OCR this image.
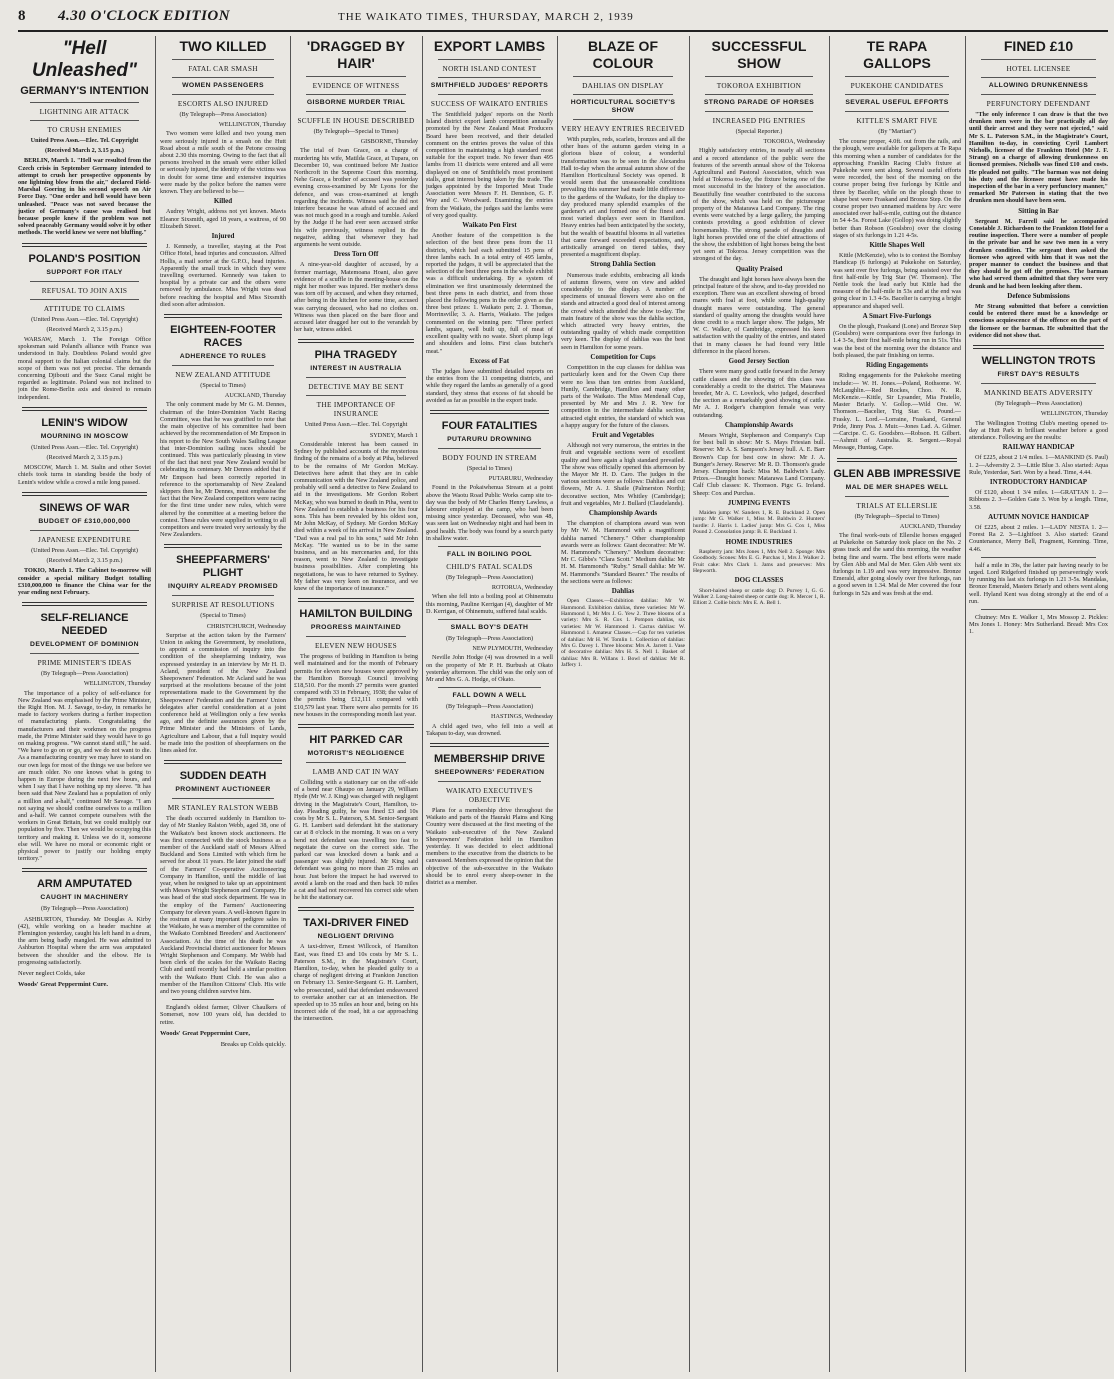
8 4.30 O'CLOCK EDITION	THE WAIKATO TIMES, THURSDAY, MARCH 2, 1939
"Hell Unleashed"
GERMANY'S INTENTION
LIGHTNING AIR ATTACK
TO CRUSH ENEMIES
United Press Assn.—Elec. Tel. Copyright
(Received March 2, 3.15 p.m.)

BERLIN, March 1. "Hell war resulted from the Czech crisis in September Germany intended to attempt to crush her prospective opponents by one lightning blow from the air," declared Field-Marshal Goering in his second speech on Air Force Day. "One order and hell would have been unleashed. "Peace was not saved because the justice of Germany's cause was realised but because people knew if the problem was not solved peaceably Germany would solve it by other methods. The world knew we were not bluffing."

POLAND'S POSITION
SUPPORT FOR ITALY
REFUSAL TO JOIN AXIS
ATTITUDE TO CLAIMS
(United Press Assn.—Elec. Tel. Copyright)
(Received March 2, 3.15 p.m.)

WARSAW, March 1. The Foreign Office spokesman said Poland's alliance with France was understood in Italy. Doubtless Poland would give moral support to the Italian colonial claims but the scope of them was not yet precise. The demands concerning Djibouti and the Suez Canal might be regarded as legitimate. Poland was not inclined to join the Rome-Berlin axis and desired to remain independent.

LENIN'S WIDOW
MOURNING IN MOSCOW
(United Press Assn.—Elec. Tel. Copyright)
(Received March 2, 3.15 p.m.)

MOSCOW, March 1. M. Stalin and other Soviet chiefs took turns in standing beside the body of Lenin's widow while a crowd a mile long passed.

SINEWS OF WAR
BUDGET OF £310,000,000
JAPANESE EXPENDITURE
(United Press Assn.—Elec. Tel. Copyright)
(Received March 2, 3.15 p.m.)

TOKIO, March 1. The Cabinet to-morrow will consider a special military Budget totalling £310,000,000 to finance the China war for the year ending next February.

SELF-RELIANCE NEEDED
DEVELOPMENT OF DOMINION
PRIME MINISTER'S IDEAS
(By Telegraph—Press Association)
WELLINGTON, Thursday

The importance of a policy of self-reliance for New Zealand was emphasised by the Prime Minister, the Right Hon. M. J. Savage, to-day, in remarks he made to factory workers during a further inspection of manufacturing plants. Congratulating the manufacturers and their workmen on the progress made, the Prime Minister said they would have to go on making progress. "We cannot stand still," he said. "We have to go on or go, and we do not want to die. As a manufacturing country we may have to stand on our own legs for most of the things we use before we are much older. No one knows what is going to happen in Europe during the next few hours, and when I say that I have nothing up my sleeve. "It has been said that New Zealand has a population of only a million and a-half," continued Mr Savage. "I am not saying we should confine ourselves to a million and a-half. We cannot compete ourselves with the workers in Great Britain, but we could multiply our population by five. Then we would be occupying this territory and making it. Unless we do it, someone else will. We have no moral or economic right or physical power to justify our holding empty territory."

ARM AMPUTATED
CAUGHT IN MACHINERY
(By Telegraph—Press Association)

ASHBURTON, Thursday. Mr Douglas A. Kirby (42), while working on a header machine at Flemington yesterday, caught his left hand in a drum, the arm being badly mangled. He was admitted to Ashburton Hospital where the arm was amputated between the shoulder and the elbow. He is progressing satisfactorily.

Never neglect Colds, take
Woods' Great Peppermint Cure.
TWO KILLED
FATAL CAR SMASH
WOMEN PASSENGERS
ESCORTS ALSO INJURED
(By Telegraph—Press Association)
WELLINGTON, Thursday

Two women were killed and two young men were seriously injured in a smash on the Hutt Road about a mile south of the Petone crossing about 2.30 this morning. Owing to the fact that all persons involved in the smash were either killed or seriously injured, the identity of the victims was in doubt for some time and extensive inquiries were made by the police before the names were known. They are believed to be—

Killed

Audrey Wright, address not yet known. Mavis Eleanor Sixsmith, aged 18 years, a waitress, of 90 Elizabeth Street.

Injured

J. Kennedy, a traveller, staying at the Post Office Hotel, head injuries and concussion. Alfred Hollis, a mail sorter at the G.P.O., head injuries. Apparently the small truck in which they were travelling overturned. Kennedy was taken to hospital by a private car and the others were removed by ambulance. Miss Wright was dead before reaching the hospital and Miss Sixsmith died soon after admission.

EIGHTEEN-FOOTER RACES
ADHERENCE TO RULES
NEW ZEALAND ATTITUDE
(Special to Times)
AUCKLAND, Thursday

The only comment made by Mr G. M. Dennes, chairman of the Inter-Dominion Yacht Racing Committee, was that he was gratified to note that the main objective of his committee had been achieved by the recommendation of Mr Empson in his report to the New South Wales Sailing League that inter-Dominion sailing races should be continued. This was particularly pleasing in view of the fact that next year New Zealand would be celebrating its centenary. Mr Dennes added that if Mr Empson had been correctly reported in reference to the sportsmanship of New Zealand skippers then he, Mr Dennes, must emphasise the fact that the New Zealand competitors were racing for the first time under new rules, which were altered by the committee at a meeting before the contest. These rules were supplied in writing to all competitors and were treated very seriously by the New Zealanders.

SHEEPFARMERS' PLIGHT
INQUIRY ALREADY PROMISED
SURPRISE AT RESOLUTIONS
(Special to Times)
CHRISTCHURCH, Wednesday

Surprise at the action taken by the Farmers' Union in asking the Government, by resolutions, to appoint a commission of inquiry into the condition of the sheepfarming industry, was expressed yesterday in an interview by Mr H. D. Acland, president of the New Zealand Sheepowners' Federation. Mr Acland said he was surprised at the resolutions because of the joint representations made to the Government by the Sheepowners' Federation and the Farmers' Union delegates after careful consideration at a joint conference held at Wellington only a few weeks ago, and the definite assurances given by the Prime Minister and the Ministers of Lands, Agriculture and Labour, that a full inquiry would be made into the position of sheepfarmers on the lines asked for.

SUDDEN DEATH
PROMINENT AUCTIONEER
MR STANLEY RALSTON WEBB

The death occurred suddenly in Hamilton to-day of Mr Stanley Ralston Webb, aged 38, one of the Waikato's best known stock auctioneers. He was first connected with the stock business as a member of the Auckland staff of Messrs Alfred Buckland and Sons Limited with which firm he served for about 11 years. He later joined the staff of the Farmers' Co-operative Auctioneering Company in Hamilton, until the middle of last year, when he resigned to take up an appointment with Messrs Wright Stephenson and Company. He was head of the stud stock department. He was in the employ of the Farmers' Auctioneering Company for eleven years. A well-known figure in the rostrum at many important pedigree sales in the Waikato, he was a member of the committee of the Waikato Combined Breeders' and Auctioneers' Association. At the time of his death he was Auckland Provincial district auctioneer for Messrs Wright Stephenson and Company. Mr Webb had been clerk of the scales for the Waikato Racing Club and until recently had held a similar position with the Waikato Hunt Club. He was also a member of the Hamilton Citizens' Club. His wife and two young children survive him.

England's oldest farmer, Oliver Chaulkers of Somerset, now 100 years old, has decided to retire.

Woods' Great Peppermint Cure,
Breaks up Colds quickly.
'DRAGGED BY HAIR'
EVIDENCE OF WITNESS
GISBORNE MURDER TRIAL
SCUFFLE IN HOUSE DESCRIBED
(By Telegraph—Special to Times)
GISBORNE, Thursday

The trial of Ivan Grace, on a charge of murdering his wife, Matilda Grace, at Tupara, on December 10, was continued before Mr Justice Northcroft in the Supreme Court this morning. Nehe Grace, a brother of accused was yesterday evening cross-examined by Mr Lyons for the defence, and was cross-examined at length regarding the incidents. Witness said he did not interfere because he was afraid of accused and was not much good in a rough and tumble. Asked by the Judge if he had ever seen accused strike his wife previously, witness replied in the negative, adding that whenever they had arguments he went outside.

Dress Torn Off

A nine-year-old daughter of accused, by a former marriage, Matemoana Hoani, also gave evidence of a scuffle in the meeting-house on the night her mother was injured. Her mother's dress was torn off by accused, and when they returned, after being in the kitchen for some time, accused was carrying deceased, who had no clothes on. Witness was then placed on the bare floor and accused later dragged her out to the verandah by her hair, witness added.

PIHA TRAGEDY
INTEREST IN AUSTRALIA
DETECTIVE MAY BE SENT
THE IMPORTANCE OF INSURANCE
United Press Assn.—Elec. Tel. Copyright
SYDNEY, March 1

Considerable interest has been caused in Sydney by published accounts of the mysterious finding of the remains of a body at Piha, believed to be the remains of Mr Gordon McKay. Detectives here admit that they are in cable communication with the New Zealand police, and probably will send a detective to New Zealand to aid in the investigations. Mr Gordon Robert McKay, who was burned to death in Piha, went to New Zealand to establish a business for his four sons. This has been revealed by his oldest son, Mr John McKay, of Sydney. Mr Gordon McKay died within a week of his arrival in New Zealand. "Dad was a real pal to his sons," said Mr John McKay. "He wanted us to be in the same business, and as his mercenaries and, for this reason, went to New Zealand to investigate business possibilities. After completing his negotiations, he was to have returned to Sydney. My father was very keen on insurance, and we knew of the importance of insurance."

HAMILTON BUILDING
PROGRESS MAINTAINED
ELEVEN NEW HOUSES

The progress of building in Hamilton is being well maintained and for the month of February permits for eleven new houses were approved by the Hamilton Borough Council involving £18,510. For the month 27 permits were granted compared with 33 in February, 1938; the value of the permits being £12,111 compared with £10,579 last year. There were also permits for 16 new houses in the corresponding month last year.

HIT PARKED CAR
MOTORIST'S NEGLIGENCE
LAMB AND CAT IN WAY

Colliding with a stationary car on the off-side of a bend near Ohaupo on January 29, William Hyde (Mr W. J. King) was charged with negligent driving in the Magistrate's Court, Hamilton, to-day. Pleading guilty, he was fined £3 and 10s costs by Mr S. L. Paterson, S.M. Senior-Sergeant G. H. Lambert said defendant hit the stationary car at 8 o'clock in the morning. It was on a very bend not defendant was travelling too fast to negotiate the curve on the correct side. The parked car was knocked down a bank and a passenger was slightly injured. Mr King said defendant was going no more than 25 miles an hour. Just before the impact he had swerved to avoid a lamb on the road and then back 10 miles a cat and had not recovered his correct side when he hit the stationary car.

TAXI-DRIVER FINED
NEGLIGENT DRIVING

A taxi-driver, Ernest Willcock, of Hamilton East, was fined £3 and 10s costs by Mr S. L. Paterson S.M., in the Magistrate's Court, Hamilton, to-day, when he pleaded guilty to a charge of negligent driving at Frankton Junction on February 13. Senior-Sergeant G. H. Lambert, who prosecuted, said that defendant endeavoured to overtake another car at an intersection. He speeded up to 35 miles an hour and, being on his incorrect side of the road, hit a car approaching the intersection.

EXPORT LAMBS
NORTH ISLAND CONTEST
SMITHFIELD JUDGES' REPORTS
SUCCESS OF WAIKATO ENTRIES

The Smithfield judges' reports on the North Island district export lamb competition annually promoted by the New Zealand Meat Producers Board have been received, and their detailed comment on the entries proves the value of this competition in maintaining a high standard most suitable for the export trade. No fewer than 495 lambs from 11 districts were entered and all were displayed on one of Smithfield's most prominent stalls, great interest being taken by the trade. The judges appointed by the Imported Meat Trade Association were Messrs F. H. Dennison, G. F. Way and C. Woodward. Examining the entries from the Waikato, the judges said the lambs were of very good quality.

Waikato Pen First

Another feature of the competition is the selection of the best three pens from the 11 districts, which had each submitted 15 pens of three lambs each. In a total entry of 495 lambs, reported the judges, it will be appreciated that the selection of the best three pens in the whole exhibit was a difficult undertaking. By a system of elimination we first unanimously determined the best three pens in each district, and from those placed the following pens in the order given as the three best prizes: 1. Waikato pen; 2. J. Thomas, Morrinsville; 3. A. Harris, Waikato. The judges commented on the winning pen: "Three perfect lambs, square, well built up, full of meat of excellent quality with no waste. Short plump legs and shoulders and loins. First class butcher's meat."

Excess of Fat

The judges have submitted detailed reports on the entries from the 11 competing districts, and while they regard the lambs as generally of a good standard, they stress that excess of fat should be avoided as far as possible in the export trade.

FOUR FATALITIES
PUTARURU DROWNING
BODY FOUND IN STREAM
(Special to Times)
PUTARURU, Wednesday

Found in the Pokaiwhenua Stream at a point above the Waotu Road Public Works camp site to-day was the body of Mr Charles Henry Lawless, a labourer employed at the camp, who had been missing since yesterday. Deceased, who was 48, was seen last on Wednesday night and had been in good health. The body was found by a search party in shallow water.

FALL IN BOILING POOL
CHILD'S FATAL SCALDS
(By Telegraph—Press Association)
ROTORUA, Wednesday

When she fell into a boiling pool at Ohinemutu this morning, Pauline Kerrigan (4), daughter of Mr D. Kerrigan, of Ohinemutu, suffered fatal scalds.

SMALL BOY'S DEATH
(By Telegraph—Press Association)
NEW PLYMOUTH, Wednesday

Neville John Hodge (4) was drowned in a well on the property of Mr P. H. Burbush at Okato yesterday afternoon. The child was the only son of Mr and Mrs G. A. Hodge, of Okato.

FALL DOWN A WELL
(By Telegraph—Press Association)
HASTINGS, Wednesday

A child aged two, who fell into a well at Takapau to-day, was drowned.

MEMBERSHIP DRIVE
SHEEPOWNERS' FEDERATION
WAIKATO EXECUTIVE'S OBJECTIVE

Plans for a membership drive throughout the Waikato and parts of the Hauraki Plains and King Country were discussed at the first meeting of the Waikato sub-executive of the New Zealand Sheepowners' Federation held in Hamilton yesterday. It was decided to elect additional members to the executive from the districts to be canvassed. Members expressed the opinion that the objective of the sub-executive in the Waikato should be to enrol every sheep-owner in the district as a member.

BLAZE OF COLOUR
DAHLIAS ON DISPLAY
HORTICULTURAL SOCIETY'S SHOW
VERY HEAVY ENTRIES RECEIVED

With purples, reds, scarlets, bronzes and all the other hues of the autumn garden vieing in a glorious blaze of colour, a wonderful transformation was to be seen in the Alexandra Hall to-day when the annual autumn show of the Hamilton Horticultural Society was opened. It would seem that the unseasonable conditions prevailing this summer had made little difference to the gardens of the Waikato, for the display to-day produced many splendid examples of the gardener's art and formed one of the finest and most varied displays ever seen in Hamilton. Heavy entries had been anticipated by the society, but the wealth of beautiful blooms in all varieties that came forward exceeded expectations, and, artistically arranged on tiered tables, they presented a magnificent display.

Strong Dahlia Section

Numerous trade exhibits, embracing all kinds of autumn flowers, were on view and added considerably to the display. A number of specimens of unusual flowers were also on the stands and attracted a good deal of interest among the crowd which attended the show to-day. The main feature of the show was the dahlia section, which attracted very heavy entries, the outstanding quality of which made competition very keen. The display of dahlias was the best seen in Hamilton for some years.

Competition for Cups

Competition in the cup classes for dahlias was particularly keen and for the Owen Cup there were no less than ten entries from Auckland, Huntly, Cambridge, Hamilton and many other parts of the Waikato. The Miss Mendenall Cup, presented by Mr and Mrs J. R. Yew for competition in the intermediate dahlia section, attracted eight entries, the standard of which was a happy augury for the future of the classes.

Fruit and Vegetables

Although not very numerous, the entries in the fruit and vegetable sections were of excellent quality and here again a high standard prevailed. The show was officially opened this afternoon by the Mayor Mr H. D. Caro. The judges in the various sections were as follows: Dahlias and cut flowers, Mr A. J. Shaile (Palmerston North); decorative section, Mrs Whitley (Cambridge); fruit and vegetables, Mr J. Bullard (Claudelands).

Championship Awards

The champion of champions award was won by Mr W. M. Hammond with a magnificent dahlia named "Chenery." Other championship awards were as follows: Giant decorative: Mr W. M. Hammond's "Chenery." Medium decorative: Mr C. Gibbs's "Clara Scott." Medium dahlia: Mr H. M. Hammond's "Ruby." Small dahlia: Mr W. M. Hammond's "Standard Bearer." The results of the sections were as follows:

Dahlias

Open Classes.—Exhibition dahlias: Mr W. Hammond. Exhibition dahlias, three varieties: Mr W. Hammond 1, Mr Mrs J. G. Yew 2. Three blooms of a variety: Mrs S. R. Cox 1. Pompon dahlias, six varieties: Mr W. Hammond 1. Cactus dahlias: W. Hammond 1. Amateur Classes.—Cup for ten varieties of dahlias: Mr H. W. Tomlin 1. Collection of dahlias: Mrs G. Davey 1. Three blooms: Mrs A. Jarrett 1. Vase of decorative dahlias: Mrs H. S. Nell 1. Basket of dahlias: Mrs R. Willans 1. Bowl of dahlias: Mr R. Jaffery 1.

SUCCESSFUL SHOW
TOKOROA EXHIBITION
STRONG PARADE OF HORSES
INCREASED PIG ENTRIES
(Special Reporter.)
TOKOROA, Wednesday

Highly satisfactory entries, in nearly all sections and a record attendance of the public were the features of the seventh annual show of the Tokoroa Agricultural and Pastoral Association, which was held at Tokoroa to-day, the fixture being one of the most successful in the history of the association. Beautifully fine weather contributed to the success of the show, which was held on the picturesque property of the Matarawa Land Company. The ring events were watched by a large gallery, the jumping contests providing a good exhibition of clever horsemanship. The strong parade of draughts and light horses provided one of the chief attractions of the show, the exhibition of light horses being the best yet seen at Tokoroa. Jersey competition was the strongest of the day.

Quality Praised

The draught and light horses have always been the principal feature of the show, and to-day provided no exception. There was an excellent showing of brood mares with foal at foot, while some high-quality draught mares were outstanding. The general standard of quality among the draughts would have done credit to a much larger show. The judges, Mr W. C. Walker, of Cambridge, expressed his keen satisfaction with the quality of the entries, and stated that in many classes he had found very little difference in the placed horses.

Good Jersey Section

There were many good cattle forward in the Jersey cattle classes and the showing of this class was considerably a credit to the district. The Matarawa breeder, Mr A. C. Lovelock, who judged, described the section as a remarkably good showing of cattle. Mr A. J. Rodger's champion female was very outstanding.

Championship Awards

Messrs Wright, Stephenson and Company's Cup for best bull in show: Mr S. Mays Friesian bull. Reserve: Mr A. S. Sampson's Jersey bull. A. E. Barr Brown's Cup for best cow in show: Mr J. A. Bunger's Jersey. Reserve: Mr R. D. Thomson's grade Jersey. Champion hack: Miss M. Baldwin's Lady. Prizes.—Draught horses: Matarawa Land Company. Calf Club classes: K. Thomson. Pigs: G. Ireland. Sheep: Cox and Purchas.

JUMPING EVENTS

Maiden jump: W. Sanders 1, R. E. Buckland 2. Open jump: Mr G. Walker 1, Miss M. Baldwin 2. Hunters' hurdle: J. Harris 1. Ladies' jump: Mrs G. Cox 1, Miss Pound 2. Consolation jump: B. E. Buckland 1.

HOME INDUSTRIES

Raspberry jam: Mrs Jones 1, Mrs Nell 2. Sponge: Mrs Goodbody. Scones: Mrs E. G. Purchas 1, Mrs J. Walker 2. Fruit cake: Mrs Clark 1. Jams and preserves: Mrs Hepworth.

DOG CLASSES

Short-haired sheep or cattle dog: D. Purvey 1, G. G. Walker 2. Long-haired sheep or cattle dog: R. Mercer 1, R. Elliott 2. Collie bitch: Mrs E. A. Bell 1.

TE RAPA GALLOPS
PUKEKOHE CANDIDATES
SEVERAL USEFUL EFFORTS
KITTLE'S SMART FIVE
(By "Martian")

The course proper, 4.0ft. out from the rails, and the plough, were available for gallopers at Te Rapa this morning when a number of candidates for the approaching Franklin Racing Club's fixture at Pukekohe were sent along. Several useful efforts were recorded, the best of the morning on the course proper being five furlongs by Kittle and three by Bacelier, while on the plough those to shape best were Fraskand and Bronze Step. On the course proper two unnamed maidens by Arc were associated over half-a-mile, cutting out the distance in 54 4-5s. Forest Lake (Gollop) was doing slightly better than Robson (Goulsbro) over the closing stages of six furlongs in 1.21 4-5s.

Kittle Shapes Well

Kittle (McKenzie), who is to contest the Bombay Handicap (6 furlongs) at Pukekohe on Saturday, was sent over five furlongs, being assisted over the first half-mile by Trig Star (W. Thomson). The Nettle took the lead early but Kittle had the measure of the half-mile in 53s and at the end was going clear in 1.3 4-5s. Bacelier is carrying a bright appearance and shaped well.

A Smart Five-Furlongs

On the plough, Fraskand (Lone) and Bronze Step (Goulsbro) were companions over five furlongs in 1.4 3-5s, their first half-mile being run in 51s. This was the best of the morning over the distance and both pleased, the pair finishing on terms.

Riding Engagements

Riding engagements for the Pukekohe meeting include:— W. H. Jones.—Poland, Rothsome. W. McLaughlin.—Red Rockes, Choo. N. R. McKenzie.—Kittle, Sir Lysander, Mia Fratello, Master Briarly. V. Gollop.—Wild Ore. W. Thomson.—Bacelier, Trig Star. G. Pound.—Frasky. L. Lord.—Lorraine, Fraskand, General Pride, Jinny Poa. J. Muir.—Jones Lad. A. Gilmer.—Carcipe. C. G. Goodsbro.—Robson. H. Gilbert.—Ashmit of Australia. R. Sergent.—Royal Message, Huntag, Cape.

GLEN ABB IMPRESSIVE
MAL DE MER SHAPES WELL
TRIALS AT ELLERSLIE
(By Telegraph—Special to Times)
AUCKLAND, Thursday

The final work-outs of Ellerslie horses engaged at Pukekohe on Saturday took place on the No. 2 grass track and the sand this morning, the weather being fine and warm. The best efforts were made by Glen Abb and Mal de Mer. Glen Abb went six furlongs in 1.19 and was very impressive. Bronze Emerald, after going slowly over five furlongs, ran a good seven in 1.34. Mal de Mer covered the four furlongs in 52s and was fresh at the end.

FINED £10
HOTEL LICENSEE
ALLOWING DRUNKENNESS
PERFUNCTORY DEFENDANT

"The only inference I can draw is that the two drunken men were in the bar practically all day until their arrest and they were not ejected," said Mr S. L. Paterson S.M., in the Magistrate's Court, Hamilton to-day, in convicting Cyril Lambert Nicholls, licensee of the Frankton Hotel (Mr J. F. Strang) on a charge of allowing drunkenness on licensed premises. Nicholls was fined £10 and costs. He pleaded not guilty. "The barman was not doing his duty and the licensee must have made his inspection of the bar in a very perfunctory manner," remarked Mr Paterson in stating that the two drunken men should have been seen.

Sitting in Bar

Sergeant M. Farrell said he accompanied Constable J. Richardson to the Frankton Hotel for a routine inspection. There were a number of people in the private bar and he saw two men in a very drunken condition. The sergeant then asked the licensee who agreed with him that it was not the proper manner to conduct the business and that they should be got off the premises. The barman who had served them admitted that they were very drunk and he had been looking after them.

Defence Submissions

Mr Strang submitted that before a conviction could be entered there must be a knowledge or conscious acquiescence of the offence on the part of the licensee or the barman. He submitted that the evidence did not show that.

WELLINGTON TROTS
FIRST DAY'S RESULTS
MANKIND BEATS ADVERSITY
(By Telegraph—Press Association)
WELLINGTON, Thursday

The Wellington Trotting Club's meeting opened to-day at Hutt Park in brilliant weather before a good attendance. Following are the results:

RAILWAY HANDICAP

Of £225, about 2 1/4 miles. 1—MANKIND (S. Paul) 1. 2—Adversity 2. 3—Little Blue 3. Also started: Aqua Rule, Yesterdae, Sari. Won by a head. Time, 4.44.

INTRODUCTORY HANDICAP

Of £120, about 1 3/4 miles. 1—GRATTAN 1. 2—Ribbons 2. 3—Golden Gate 3. Won by a length. Time, 3.58.

AUTUMN NOVICE HANDICAP

Of £225, about 2 miles. 1—LADY NESTA 1. 2—Forest Ra 2. 3—Lightfoot 3. Also started: Grand Countenance, Merry Bell, Fragment, Kenning. Time, 4.46.

half a mile in 39s, the latter pair having nearly to be urged. Lord Ridgeford finished up perseveringly work by running his last six furlongs in 1.21 3-5s. Mandalas, Bronze Emerald, Masters Briarly and others went along well. Hyland Kent was doing strongly at the end of a run.

Chutney: Mrs E. Walker 1, Mrs Mossop 2. Pickles: Mrs Jones 1. Honey: Mrs Sutherland. Bread: Mrs Cox 1.
